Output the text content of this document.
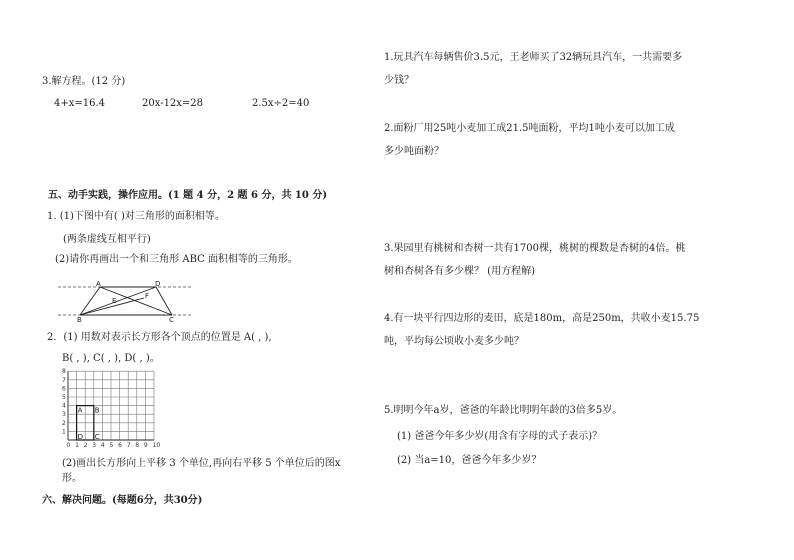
3.解方程。(12 分)
4+x=16.4	20x-12x=28	2.5x÷2=40
五、动手实践，操作应用。(1 题 4 分，2 题 6 分，共 10 分)
1. (1)下图中有( )对三角形的面积相等。
(两条虚线互相平行)
(2)请你再画出一个和三角形 ABC 面积相等的三角形。
A	D
E
F
B	C
2．(1) 用数对表示长方形各个顶点的位置是 A( , ),
B( , ), C( , ), D( , )。
0 1 2 3 4 5 6 7 8 9 10
1
2
3
4
5
6
7
8
A B
D C
(2)画出长方形向上平移 3 个单位,再向右平移 5 个单位后的图x
形。
六、解决问题。(每题6分，共30分)
1.玩具汽车每辆售价3.5元，王老师买了32辆玩具汽车，一共需要多
少钱？
2.面粉厂用25吨小麦加工成21.5吨面粉，平均1吨小麦可以加工成
多少吨面粉？
3.果园里有桃树和杏树一共有1700棵，桃树的棵数是杏树的4倍。桃
树和杏树各有多少棵？ (用方程解)
4.有一块平行四边形的麦田，底是180m，高是250m，共收小麦15.75
吨，平均每公顷收小麦多少吨？
5.明明今年a岁，爸爸的年龄比明明年龄的3倍多5岁。
(1) 爸爸今年多少岁(用含有字母的式子表示)？
(2) 当a=10，爸爸今年多少岁？
